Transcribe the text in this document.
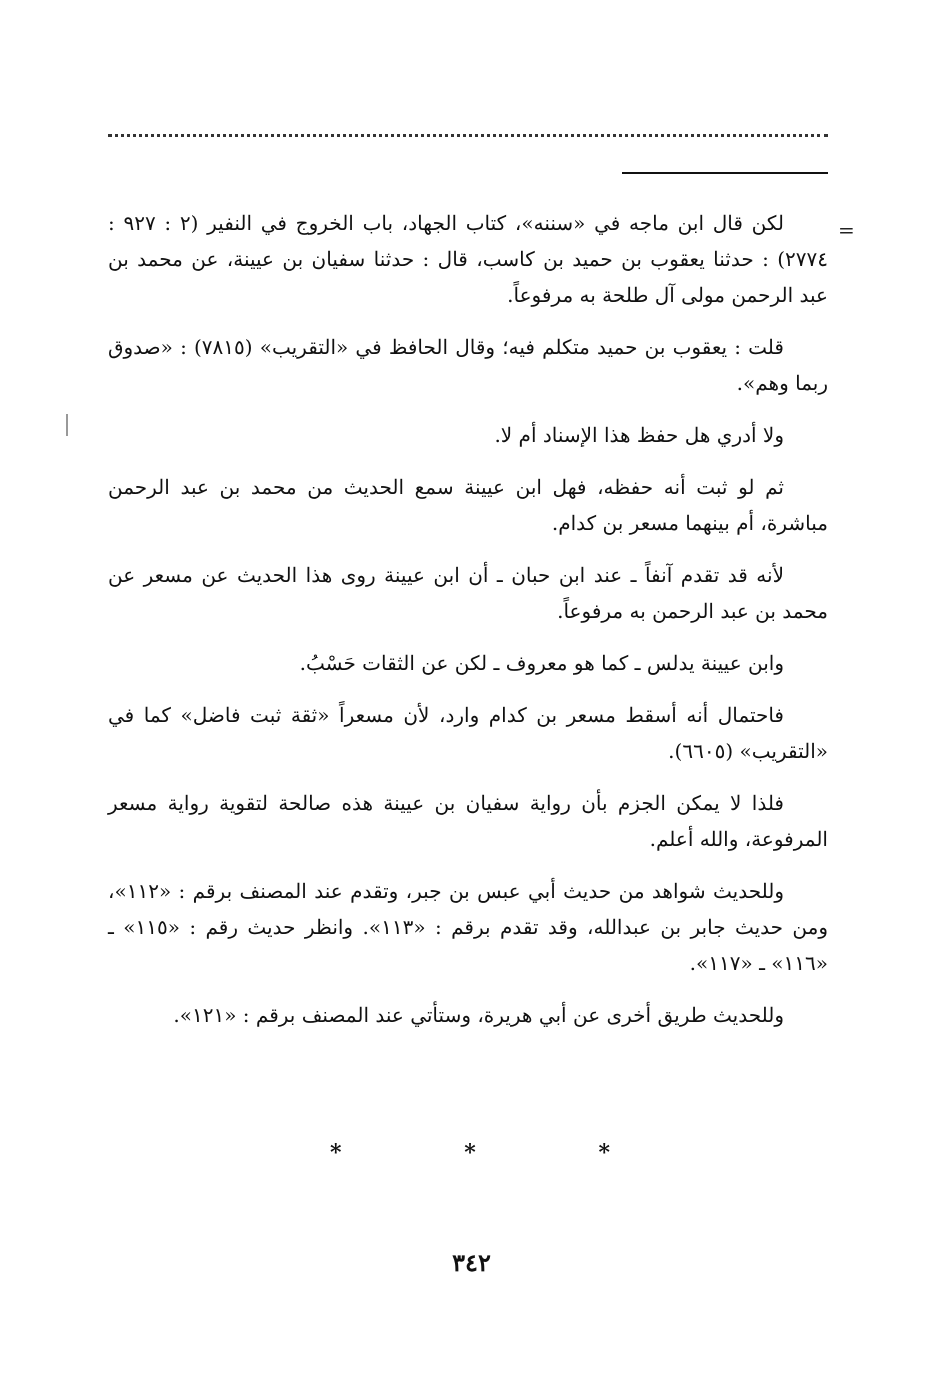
=

لكن قال ابن ماجه في «سننه»، كتاب الجهاد، باب الخروج في النفير (٢ : ٩٢٧ : ٢٧٧٤) : حدثنا يعقوب بن حميد بن كاسب، قال : حدثنا سفيان بن عيينة، عن محمد بن عبد الرحمن مولى آل طلحة به مرفوعاً.

قلت : يعقوب بن حميد متكلم فيه؛ وقال الحافظ في «التقريب» (٧٨١٥) : «صدوق ربما وهم».

ولا أدري هل حفظ هذا الإسناد أم لا.

ثم لو ثبت أنه حفظه، فهل ابن عيينة سمع الحديث من محمد بن عبد الرحمن مباشرة، أم بينهما مسعر بن كدام.

لأنه قد تقدم آنفاً ـ عند ابن حبان ـ أن ابن عيينة روى هذا الحديث عن مسعر عن محمد بن عبد الرحمن به مرفوعاً.

وابن عيينة يدلس ـ كما هو معروف ـ لكن عن الثقات حَسْبُ.

فاحتمال أنه أسقط مسعر بن كدام وارد، لأن مسعراً «ثقة ثبت فاضل» كما في «التقريب» (٦٦٠٥).

فلذا لا يمكن الجزم بأن رواية سفيان بن عيينة هذه صالحة لتقوية رواية مسعر المرفوعة، والله أعلم.

وللحديث شواهد من حديث أبي عبس بن جبر، وتقدم عند المصنف برقم : «١١٢»، ومن حديث جابر بن عبدالله، وقد تقدم برقم : «١١٣». وانظر حديث رقم : «١١٥» ـ «١١٦» ـ «١١٧».

وللحديث طريق أخرى عن أبي هريرة، وستأتي عند المصنف برقم : «١٢١».

*	*	*
٣٤٢
